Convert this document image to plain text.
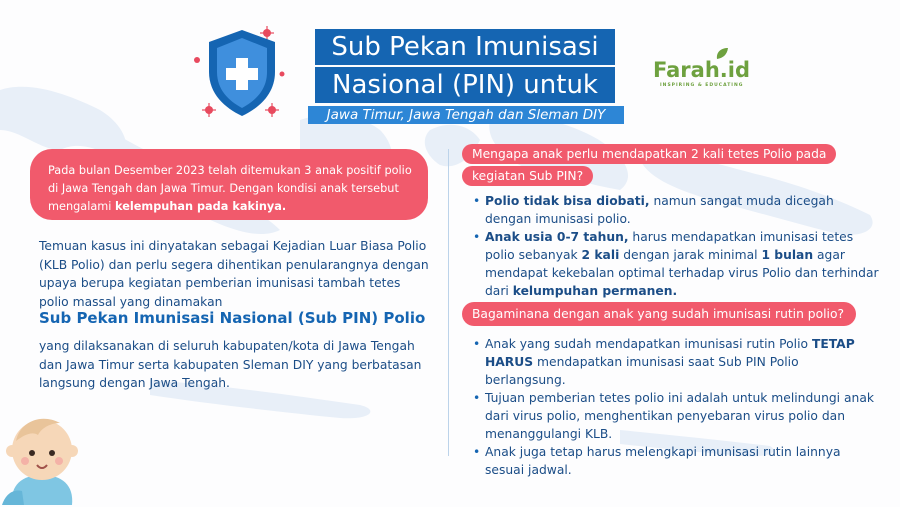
Sub Pekan Imunisasi
Nasional (PIN) untuk
Jawa Timur, Jawa Tengah dan Sleman DIY
Farah.id
INSPIRING & EDUCATING
Pada bulan Desember 2023 telah ditemukan 3 anak positif polio di Jawa Tengah dan Jawa Timur. Dengan kondisi anak tersebut mengalami kelempuhan pada kakinya.
Temuan kasus ini dinyatakan sebagai Kejadian Luar Biasa Polio (KLB Polio) dan perlu segera dihentikan penularangnya dengan upaya berupa kegiatan pemberian imunisasi tambah tetes polio massal yang dinamakan
Sub Pekan Imunisasi Nasional (Sub PIN) Polio
yang dilaksanakan di seluruh kabupaten/kota di Jawa Tengah dan Jawa Timur serta kabupaten Sleman DIY yang berbatasan langsung dengan Jawa Tengah.
Mengapa anak perlu mendapatkan 2 kali tetes Polio pada
kegiatan Sub PIN?
• Polio tidak bisa diobati, namun sangat muda dicegah dengan imunisasi polio.
• Anak usia 0-7 tahun, harus mendapatkan imunisasi tetes polio sebanyak 2 kali dengan jarak minimal 1 bulan agar mendapat kekebalan optimal terhadap virus Polio dan terhindar dari kelumpuhan permanen.
Bagaminana dengan anak yang sudah imunisasi rutin polio?
• Anak yang sudah mendapatkan imunisasi rutin Polio TETAP HARUS mendapatkan imunisasi saat Sub PIN Polio berlangsung.
• Tujuan pemberian tetes polio ini adalah untuk melindungi anak dari virus polio, menghentikan penyebaran virus polio dan menanggulangi KLB.
• Anak juga tetap harus melengkapi imunisasi rutin lainnya sesuai jadwal.
